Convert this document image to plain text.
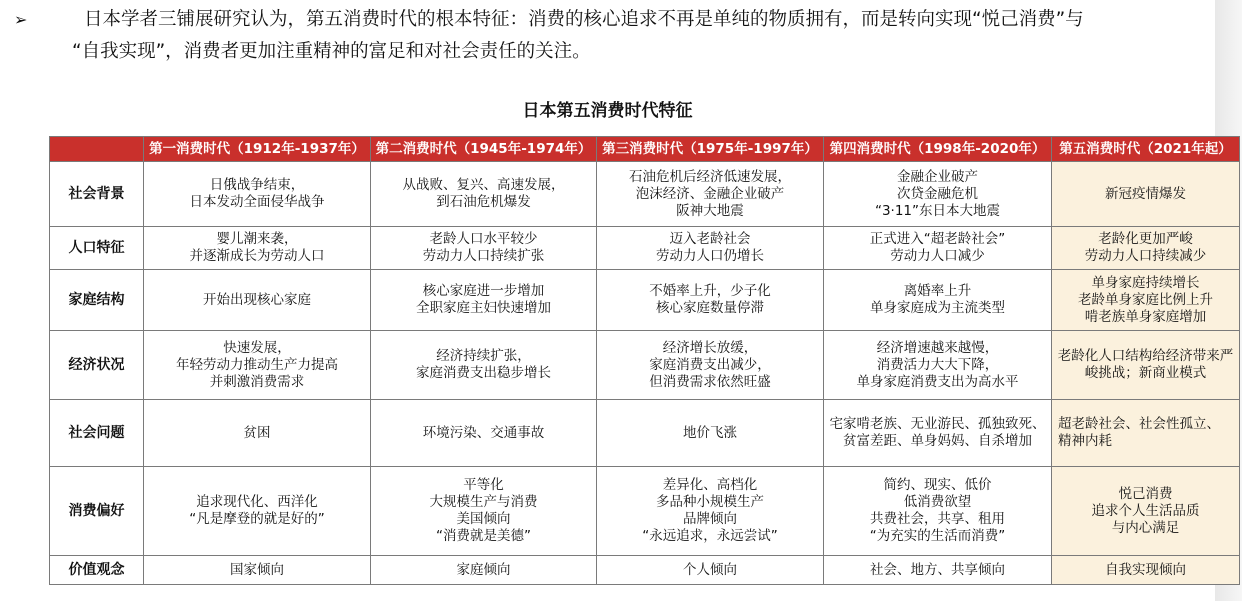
➢	日本学者三铺展研究认为，第五消费时代的根本特征：消费的核心追求不再是单纯的物质拥有，而是转向实现“悦己消费”与
“自我实现”，消费者更加注重精神的富足和对社会责任的关注。
日本第五消费时代特征
	第一消费时代（1912年-1937年）	第二消费时代（1945年-1974年）	第三消费时代（1975年-1997年）	第四消费时代（1998年-2020年）	第五消费时代（2021年起）
社会背景	日俄战争结束，
日本发动全面侵华战争	从战败、复兴、高速发展，
到石油危机爆发	石油危机后经济低速发展，
泡沫经济、金融企业破产
阪神大地震	金融企业破产
次贷金融危机
“3·11”东日本大地震	新冠疫情爆发
人口特征	婴儿潮来袭，
并逐渐成长为劳动人口	老龄人口水平较少
劳动力人口持续扩张	迈入老龄社会
劳动力人口仍增长	正式进入“超老龄社会”
劳动力人口减少	老龄化更加严峻
劳动力人口持续减少
家庭结构	开始出现核心家庭	核心家庭进一步增加
全职家庭主妇快速增加	不婚率上升，少子化
核心家庭数量停滞	离婚率上升
单身家庭成为主流类型	单身家庭持续增长
老龄单身家庭比例上升
啃老族单身家庭增加
经济状况	快速发展，
年轻劳动力推动生产力提高
并刺激消费需求	经济持续扩张，
家庭消费支出稳步增长	经济增长放缓，
家庭消费支出减少，
但消费需求依然旺盛	经济增速越来越慢，
消费活力大大下降，
单身家庭消费支出为高水平	老龄化人口结构给经济带来严峻挑战；新商业模式
社会问题	贫困	环境污染、交通事故	地价飞涨	宅家啃老族、无业游民、孤独致死、
贫富差距、单身妈妈、自杀增加	超老龄社会、社会性孤立、
精神内耗
消费偏好	追求现代化、西洋化
“凡是摩登的就是好的”	平等化
大规模生产与消费
美国倾向
“消费就是美德”	差异化、高档化
多品种小规模生产
品牌倾向
“永远追求，永远尝试”	简约、现实、低价
低消费欲望
共费社会，共享、租用
“为充实的生活而消费”	悦己消费
追求个人生活品质
与内心满足
价值观念	国家倾向	家庭倾向	个人倾向	社会、地方、共享倾向	自我实现倾向
